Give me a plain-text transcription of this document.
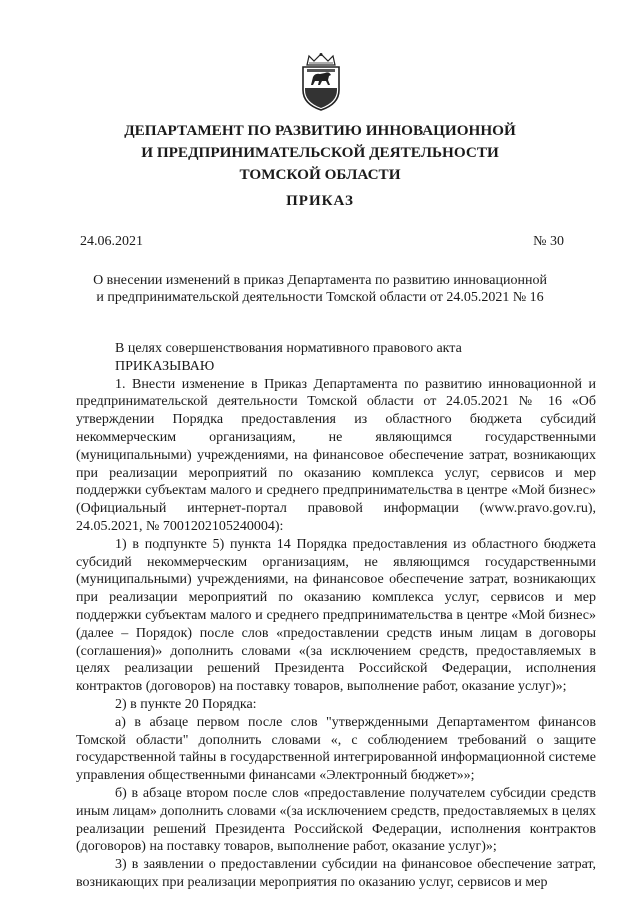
ДЕПАРТАМЕНТ ПО РАЗВИТИЮ ИННОВАЦИОННОЙ
И ПРЕДПРИНИМАТЕЛЬСКОЙ ДЕЯТЕЛЬНОСТИ
ТОМСКОЙ ОБЛАСТИ
ПРИКАЗ
24.06.2021	№ 30
О внесении изменений в приказ Департамента по развитию инновационной
и предпринимательской деятельности Томской области от 24.05.2021 № 16
В целях совершенствования нормативного правового акта
ПРИКАЗЫВАЮ

1. Внести изменение в Приказ Департамента по развитию инновационной и предпринимательской деятельности Томской области от 24.05.2021 № 16 «Об утверждении Порядка предоставления из областного бюджета субсидий некоммерческим организациям, не являющимся государственными (муниципальными) учреждениями, на финансовое обеспечение затрат, возникающих при реализации мероприятий по оказанию комплекса услуг, сервисов и мер поддержки субъектам малого и среднего предпринимательства в центре «Мой бизнес» (Официальный интернет-портал правовой информации (www.pravo.gov.ru), 24.05.2021, № 7001202105240004):

1) в подпункте 5) пункта 14 Порядка предоставления из областного бюджета субсидий некоммерческим организациям, не являющимся государственными (муниципальными) учреждениями, на финансовое обеспечение затрат, возникающих при реализации мероприятий по оказанию комплекса услуг, сервисов и мер поддержки субъектам малого и среднего предпринимательства в центре «Мой бизнес» (далее – Порядок) после слов «предоставлении средств иным лицам в договоры (соглашения)» дополнить словами «(за исключением средств, предоставляемых в целях реализации решений Президента Российской Федерации, исполнения контрактов (договоров) на поставку товаров, выполнение работ, оказание услуг)»;

2) в пункте 20 Порядка:

а) в абзаце первом после слов "утвержденными Департаментом финансов Томской области" дополнить словами «, с соблюдением требований о защите государственной тайны в государственной интегрированной информационной системе управления общественными финансами «Электронный бюджет»»;

б) в абзаце втором после слов «предоставление получателем субсидии средств иным лицам» дополнить словами «(за исключением средств, предоставляемых в целях реализации решений Президента Российской Федерации, исполнения контрактов (договоров) на поставку товаров, выполнение работ, оказание услуг)»;

3) в заявлении о предоставлении субсидии на финансовое обеспечение затрат, возникающих при реализации мероприятия по оказанию услуг, сервисов и мер
